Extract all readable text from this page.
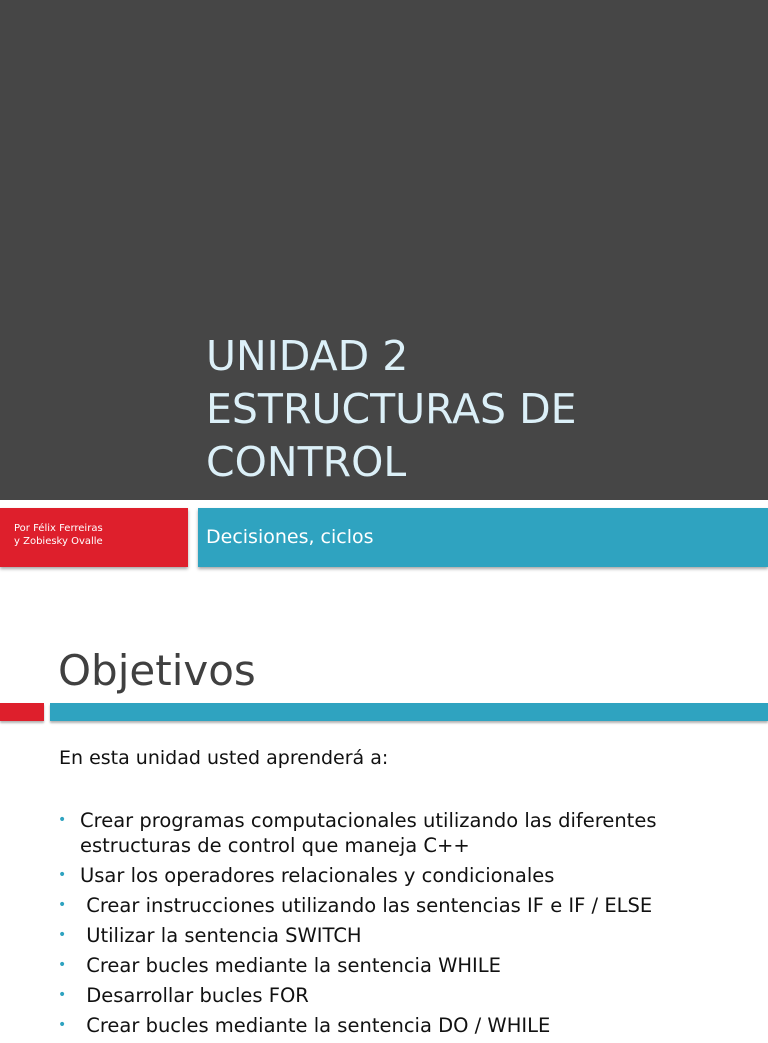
UNIDAD 2
ESTRUCTURAS DE
CONTROL
Por Félix Ferreiras
y Zobiesky Ovalle	Decisiones, ciclos
Objetivos
En esta unidad usted aprenderá a:
• Crear programas computacionales utilizando las diferentes estructuras de control que maneja C++
• Usar los operadores relacionales y condicionales
• Crear instrucciones utilizando las sentencias IF e IF / ELSE
• Utilizar la sentencia SWITCH
• Crear bucles mediante la sentencia WHILE
• Desarrollar bucles FOR
• Crear bucles mediante la sentencia DO / WHILE
